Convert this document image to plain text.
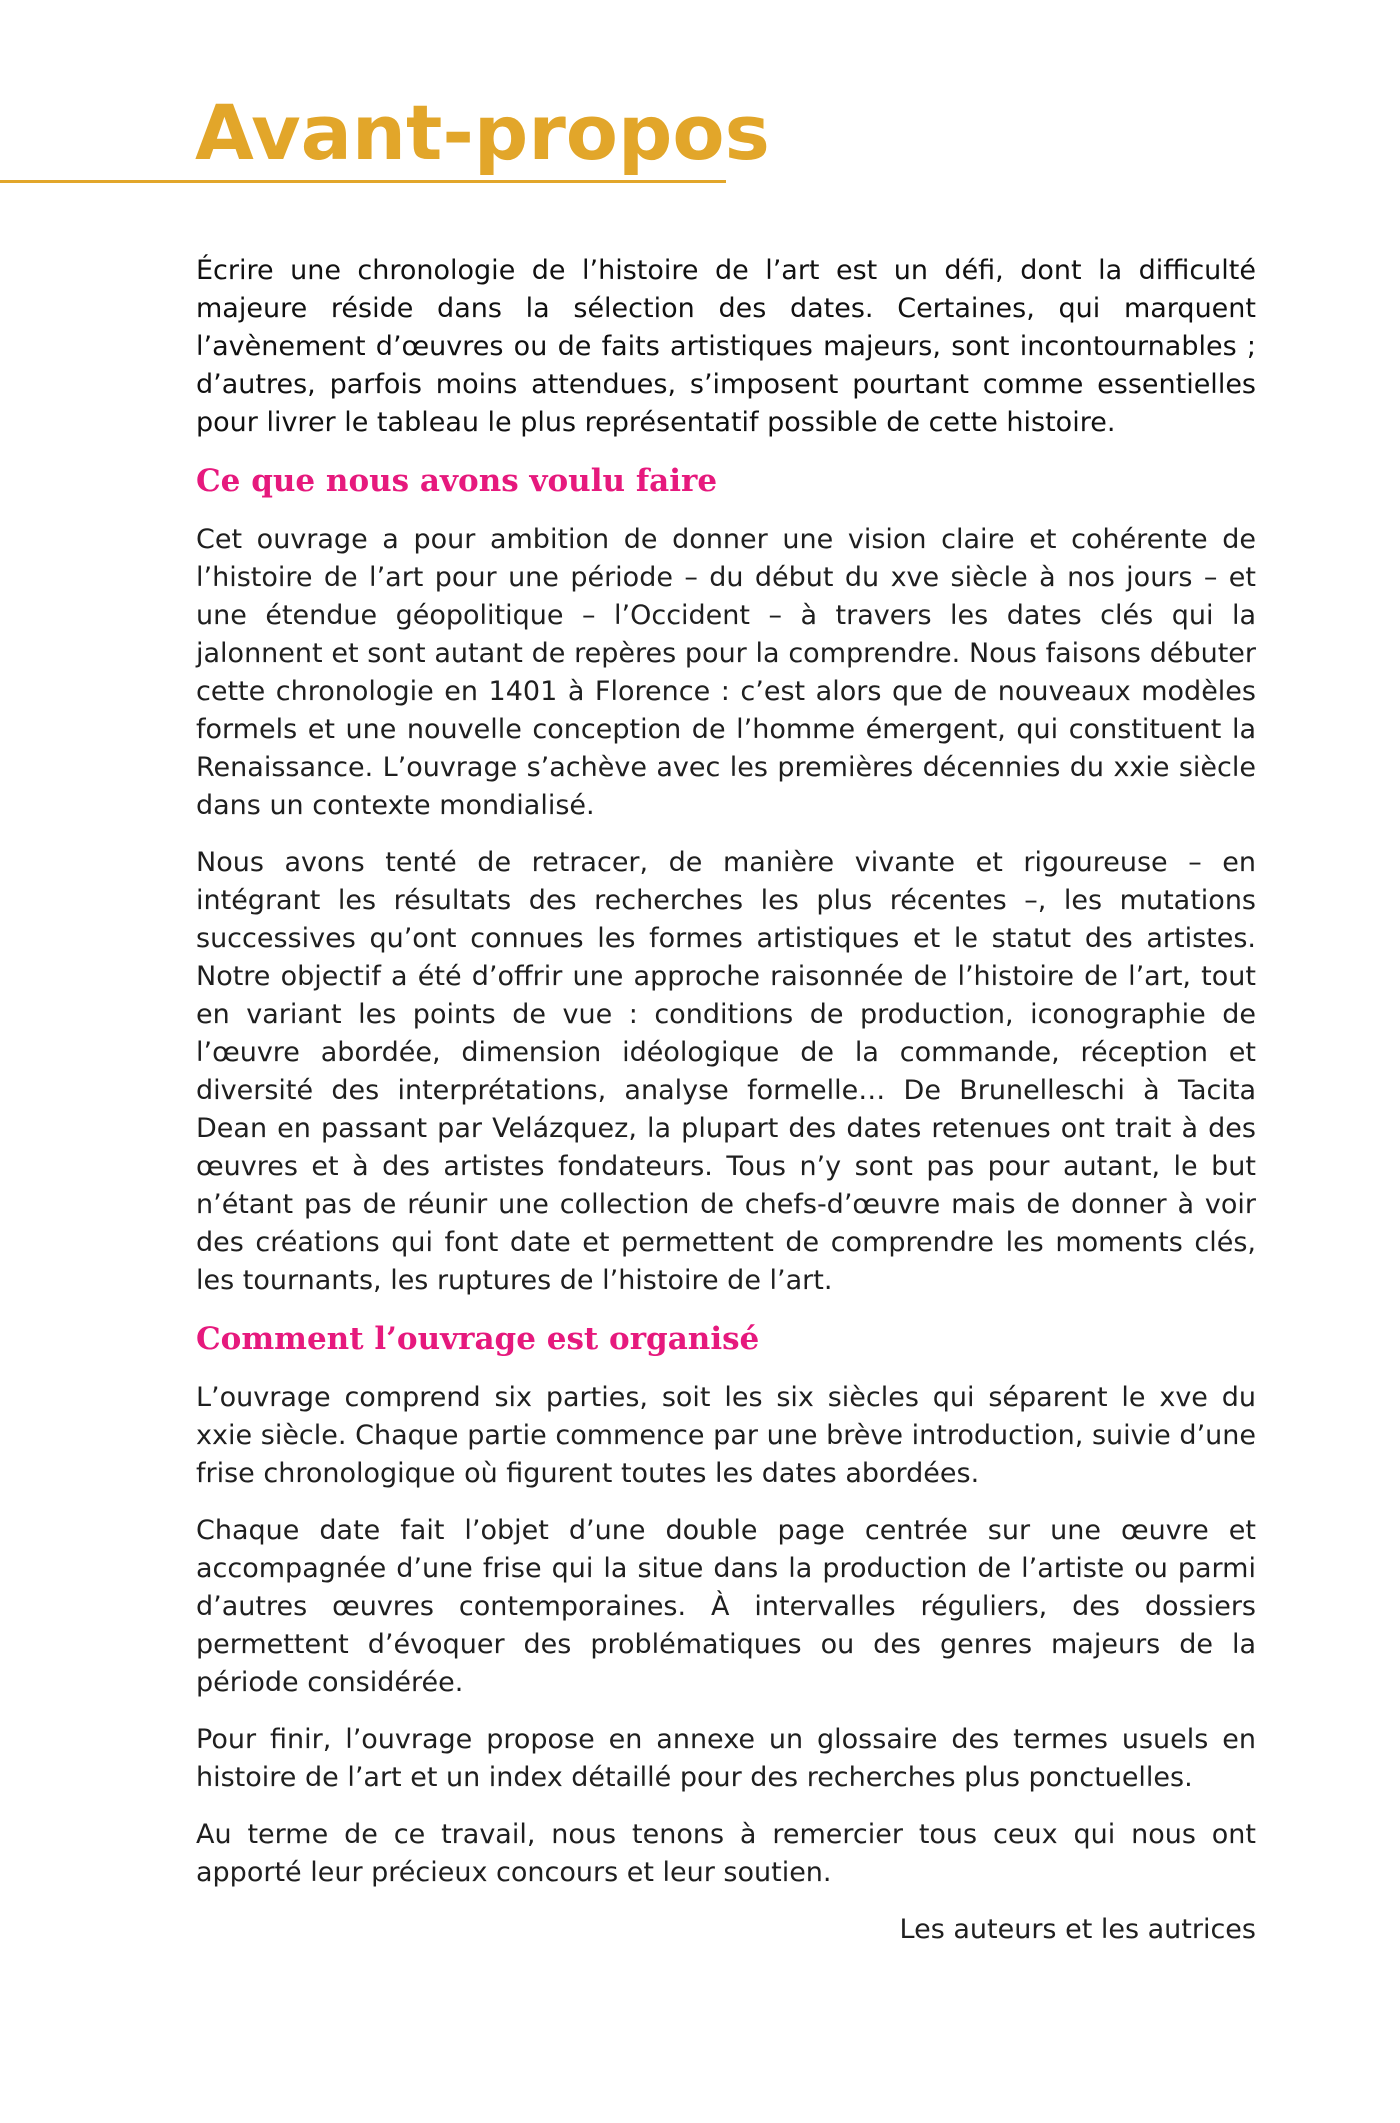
Avant-propos

Écrire une chronologie de l’histoire de l’art est un défi, dont la difficulté majeure réside dans la sélection des dates. Certaines, qui marquent l’avènement d’œuvres ou de faits artistiques majeurs, sont incontournables ; d’autres, parfois moins attendues, s’imposent pourtant comme essentielles pour livrer le tableau le plus représentatif possible de cette histoire.

Ce que nous avons voulu faire

Cet ouvrage a pour ambition de donner une vision claire et cohérente de l’histoire de l’art pour une période – du début du xve siècle à nos jours – et une étendue géopolitique – l’Occident – à travers les dates clés qui la jalonnent et sont autant de repères pour la comprendre. Nous faisons débuter cette chronologie en 1401 à Florence : c’est alors que de nouveaux modèles formels et une nouvelle conception de l’homme émergent, qui constituent la Renaissance. L’ouvrage s’achève avec les premières décennies du xxie siècle dans un contexte mondialisé.

Nous avons tenté de retracer, de manière vivante et rigoureuse – en intégrant les résultats des recherches les plus récentes –, les mutations successives qu’ont connues les formes artistiques et le statut des artistes. Notre objectif a été d’offrir une approche raisonnée de l’histoire de l’art, tout en variant les points de vue : conditions de production, iconographie de l’œuvre abordée, dimension idéologique de la commande, réception et diversité des interprétations, analyse formelle… De Brunelleschi à Tacita Dean en passant par Velázquez, la plupart des dates retenues ont trait à des œuvres et à des artistes fondateurs. Tous n’y sont pas pour autant, le but n’étant pas de réunir une collection de chefs-d’œuvre mais de donner à voir des créations qui font date et permettent de comprendre les moments clés, les tournants, les ruptures de l’histoire de l’art.

Comment l’ouvrage est organisé

L’ouvrage comprend six parties, soit les six siècles qui séparent le xve du xxie siècle. Chaque partie commence par une brève introduction, suivie d’une frise chronologique où figurent toutes les dates abordées.

Chaque date fait l’objet d’une double page centrée sur une œuvre et accompagnée d’une frise qui la situe dans la production de l’artiste ou parmi d’autres œuvres contemporaines. À intervalles réguliers, des dossiers permettent d’évoquer des problématiques ou des genres majeurs de la période considérée.

Pour finir, l’ouvrage propose en annexe un glossaire des termes usuels en histoire de l’art et un index détaillé pour des recherches plus ponctuelles.

Au terme de ce travail, nous tenons à remercier tous ceux qui nous ont apporté leur précieux concours et leur soutien.

Les auteurs et les autrices
